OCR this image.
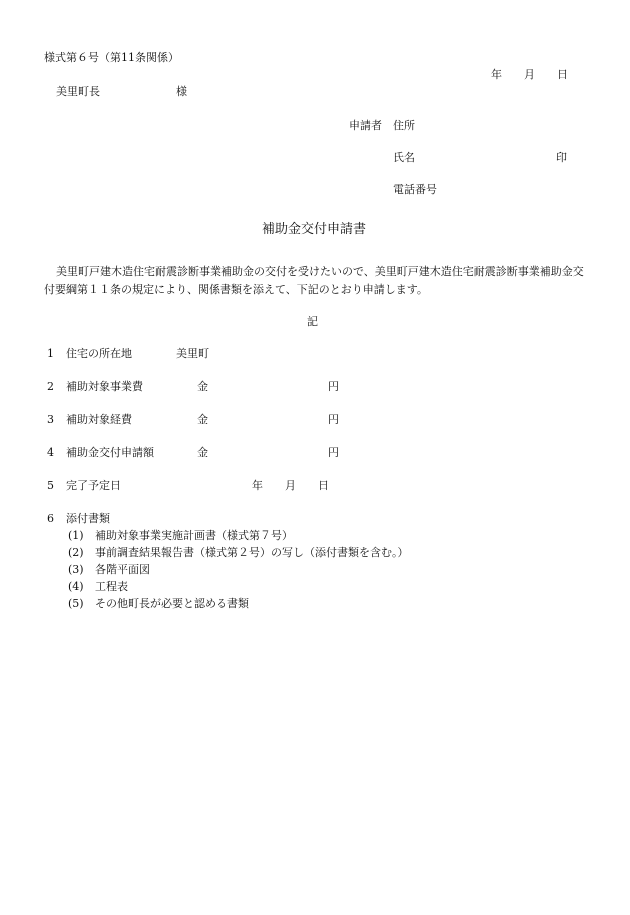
様式第６号（第11条関係）
年 月 日
美里町長	様
申請者 住所
氏名	印
電話番号
補助金交付申請書
美里町戸建木造住宅耐震診断事業補助金の交付を受けたいので、美里町戸建木造住宅耐震診断事業補助金交
付要綱第１１条の規定により、関係書類を添えて、下記のとおり申請します。
記
1 住宅の所在地	美里町
2 補助対象事業費	金	円
3 補助対象経費	金	円
4 補助金交付申請額	金	円
5 完了予定日	年 月 日
6 添付書類
(1) 補助対象事業実施計画書（様式第７号）
(2) 事前調査結果報告書（様式第２号）の写し（添付書類を含む。）
(3) 各階平面図
(4) 工程表
(5) その他町長が必要と認める書類
